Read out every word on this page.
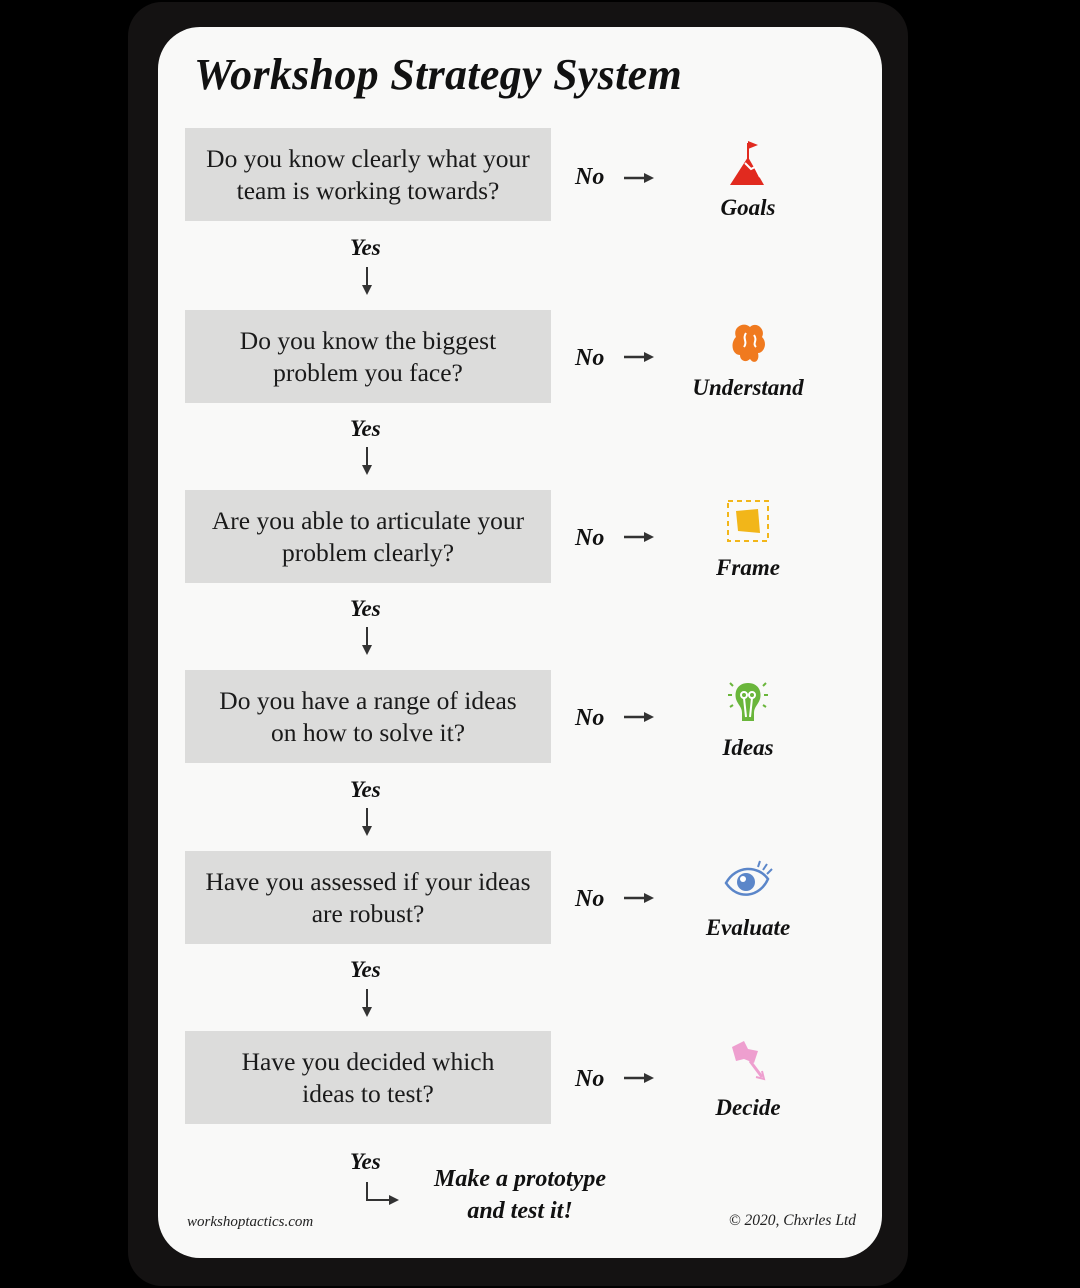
Workshop Strategy System
Do you know clearly what your
team is working towards?	No
Goals
Yes
Do you know the biggest
problem you face?	No
Understand
Yes
Are you able to articulate your
problem clearly?	No
Frame
Yes
Do you have a range of ideas
on how to solve it?	No
Ideas
Yes
Have you assessed if your ideas
are robust?	No
Evaluate
Yes
Have you decided which
ideas to test?	No
Decide
Yes
Make a prototype
and test it!
workshoptactics.com	© 2020, Chxrles Ltd
